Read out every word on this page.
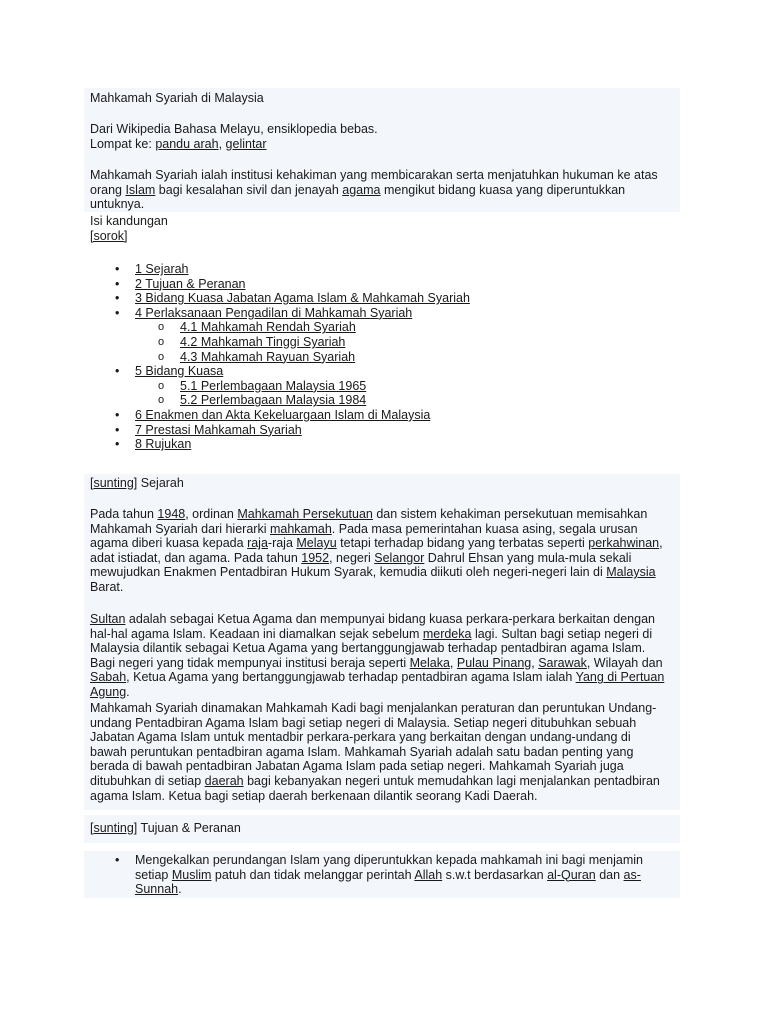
Mahkamah Syariah di Malaysia
Dari Wikipedia Bahasa Melayu, ensiklopedia bebas.
Lompat ke: pandu arah, gelintar

Mahkamah Syariah ialah institusi kehakiman yang membicarakan serta menjatuhkan hukuman ke atas orang Islam bagi kesalahan sivil dan jenayah agama mengikut bidang kuasa yang diperuntukkan untuknya.

Isi kandungan
[sorok]
• 1 Sejarah
• 2 Tujuan & Peranan
• 3 Bidang Kuasa Jabatan Agama Islam & Mahkamah Syariah
• 4 Perlaksanaan Pengadilan di Mahkamah Syariah
o 4.1 Mahkamah Rendah Syariah
o 4.2 Mahkamah Tinggi Syariah
o 4.3 Mahkamah Rayuan Syariah
• 5 Bidang Kuasa
o 5.1 Perlembagaan Malaysia 1965
o 5.2 Perlembagaan Malaysia 1984
• 6 Enakmen dan Akta Kekeluargaan Islam di Malaysia
• 7 Prestasi Mahkamah Syariah
• 8 Rujukan
[sunting] Sejarah

Pada tahun 1948, ordinan Mahkamah Persekutuan dan sistem kehakiman persekutuan memisahkan Mahkamah Syariah dari hierarki mahkamah. Pada masa pemerintahan kuasa asing, segala urusan agama diberi kuasa kepada raja-raja Melayu tetapi terhadap bidang yang terbatas seperti perkahwinan, adat istiadat, dan agama. Pada tahun 1952, negeri Selangor Dahrul Ehsan yang mula-mula sekali mewujudkan Enakmen Pentadbiran Hukum Syarak, kemudia diikuti oleh negeri-negeri lain di Malaysia Barat.

Sultan adalah sebagai Ketua Agama dan mempunyai bidang kuasa perkara-perkara berkaitan dengan hal-hal agama Islam. Keadaan ini diamalkan sejak sebelum merdeka lagi. Sultan bagi setiap negeri di Malaysia dilantik sebagai Ketua Agama yang bertanggungjawab terhadap pentadbiran agama Islam. Bagi negeri yang tidak mempunyai institusi beraja seperti Melaka, Pulau Pinang, Sarawak, Wilayah dan Sabah, Ketua Agama yang bertanggungjawab terhadap pentadbiran agama Islam ialah Yang di Pertuan Agung.

Mahkamah Syariah dinamakan Mahkamah Kadi bagi menjalankan peraturan dan peruntukan Undang-undang Pentadbiran Agama Islam bagi setiap negeri di Malaysia. Setiap negeri ditubuhkan sebuah Jabatan Agama Islam untuk mentadbir perkara-perkara yang berkaitan dengan undang-undang di bawah peruntukan pentadbiran agama Islam. Mahkamah Syariah adalah satu badan penting yang berada di bawah pentadbiran Jabatan Agama Islam pada setiap negeri. Mahkamah Syariah juga ditubuhkan di setiap daerah bagi kebanyakan negeri untuk memudahkan lagi menjalankan pentadbiran agama Islam. Ketua bagi setiap daerah berkenaan dilantik seorang Kadi Daerah.

[sunting] Tujuan & Peranan
• Mengekalkan perundangan Islam yang diperuntukkan kepada mahkamah ini bagi menjamin setiap Muslim patuh dan tidak melanggar perintah Allah s.w.t berdasarkan al-Quran dan as-Sunnah.
